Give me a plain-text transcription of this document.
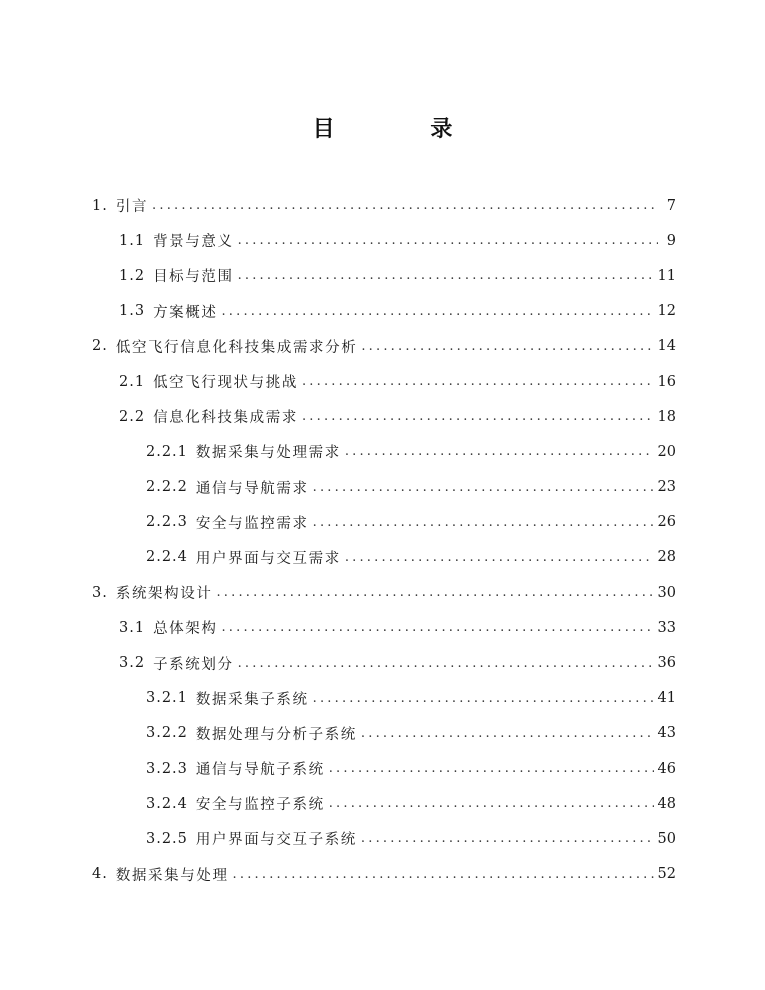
目 录
1. 引言 .....	7
1.1 背景与意义 .....	9
1.2 目标与范围 .....	11
1.3 方案概述 .....	12
2. 低空飞行信息化科技集成需求分析 .....	14
2.1 低空飞行现状与挑战 .....	16
2.2 信息化科技集成需求 .....	18
2.2.1 数据采集与处理需求 .....	20
2.2.2 通信与导航需求 .....	23
2.2.3 安全与监控需求 .....	26
2.2.4 用户界面与交互需求 .....	28
3. 系统架构设计 .....	30
3.1 总体架构 .....	33
3.2 子系统划分 .....	36
3.2.1 数据采集子系统 .....	41
3.2.2 数据处理与分析子系统 .....	43
3.2.3 通信与导航子系统 .....	46
3.2.4 安全与监控子系统 .....	48
3.2.5 用户界面与交互子系统 .....	50
4. 数据采集与处理 .....	52
